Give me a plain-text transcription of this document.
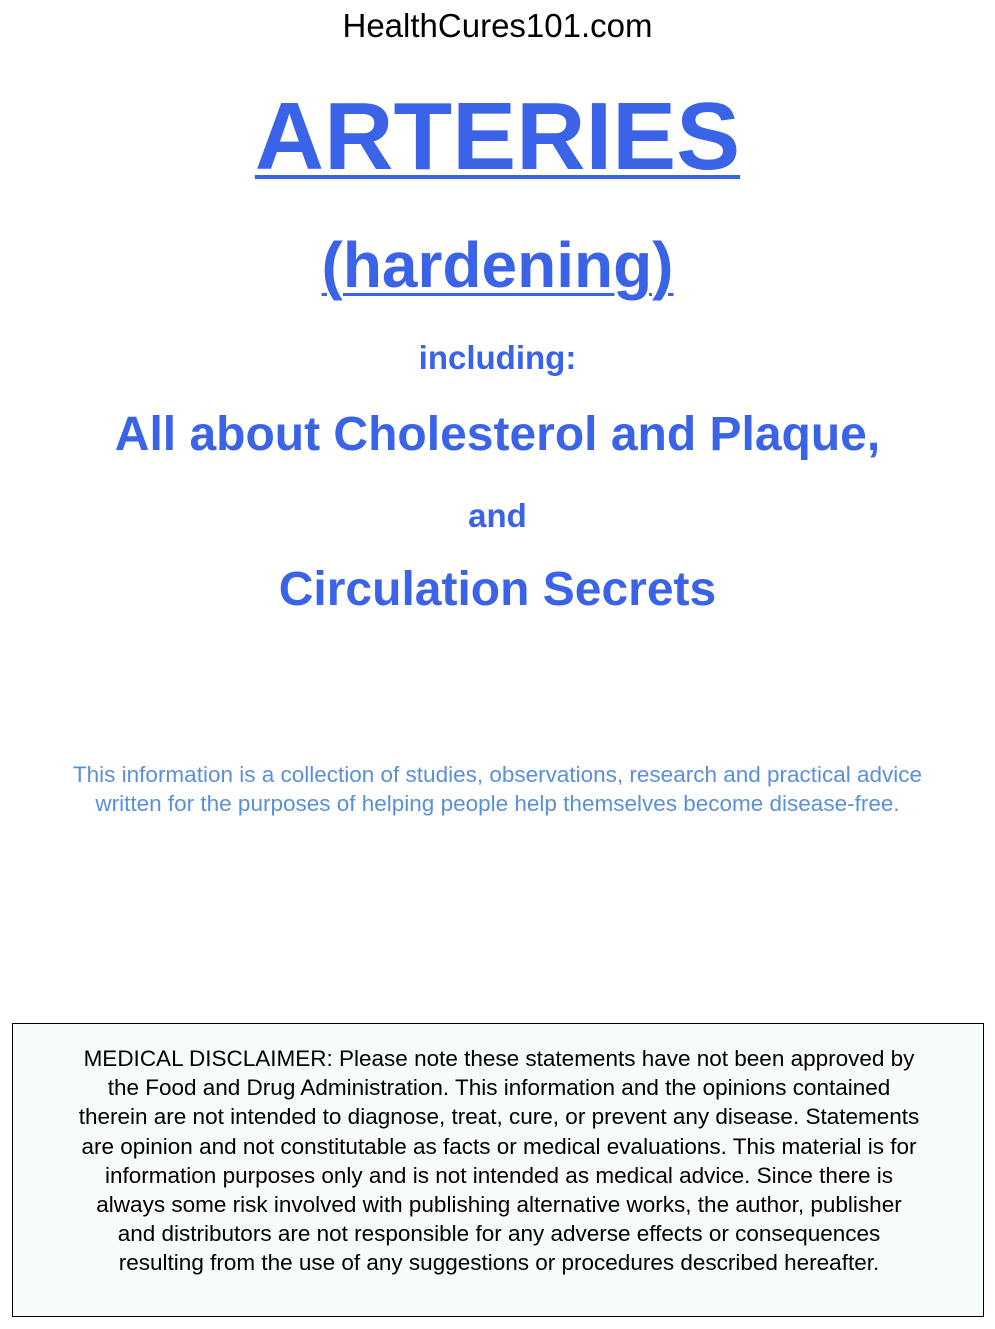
HealthCures101.com
ARTERIES
(hardening)
including:
All about Cholesterol and Plaque,
and
Circulation Secrets
This information is a collection of studies, observations, research and practical advice
written for the purposes of helping people help themselves become disease-free.
MEDICAL DISCLAIMER: Please note these statements have not been approved by
the Food and Drug Administration. This information and the opinions contained
therein are not intended to diagnose, treat, cure, or prevent any disease. Statements
are opinion and not constitutable as facts or medical evaluations. This material is for
information purposes only and is not intended as medical advice. Since there is
always some risk involved with publishing alternative works, the author, publisher
and distributors are not responsible for any adverse effects or consequences
resulting from the use of any suggestions or procedures described hereafter.
